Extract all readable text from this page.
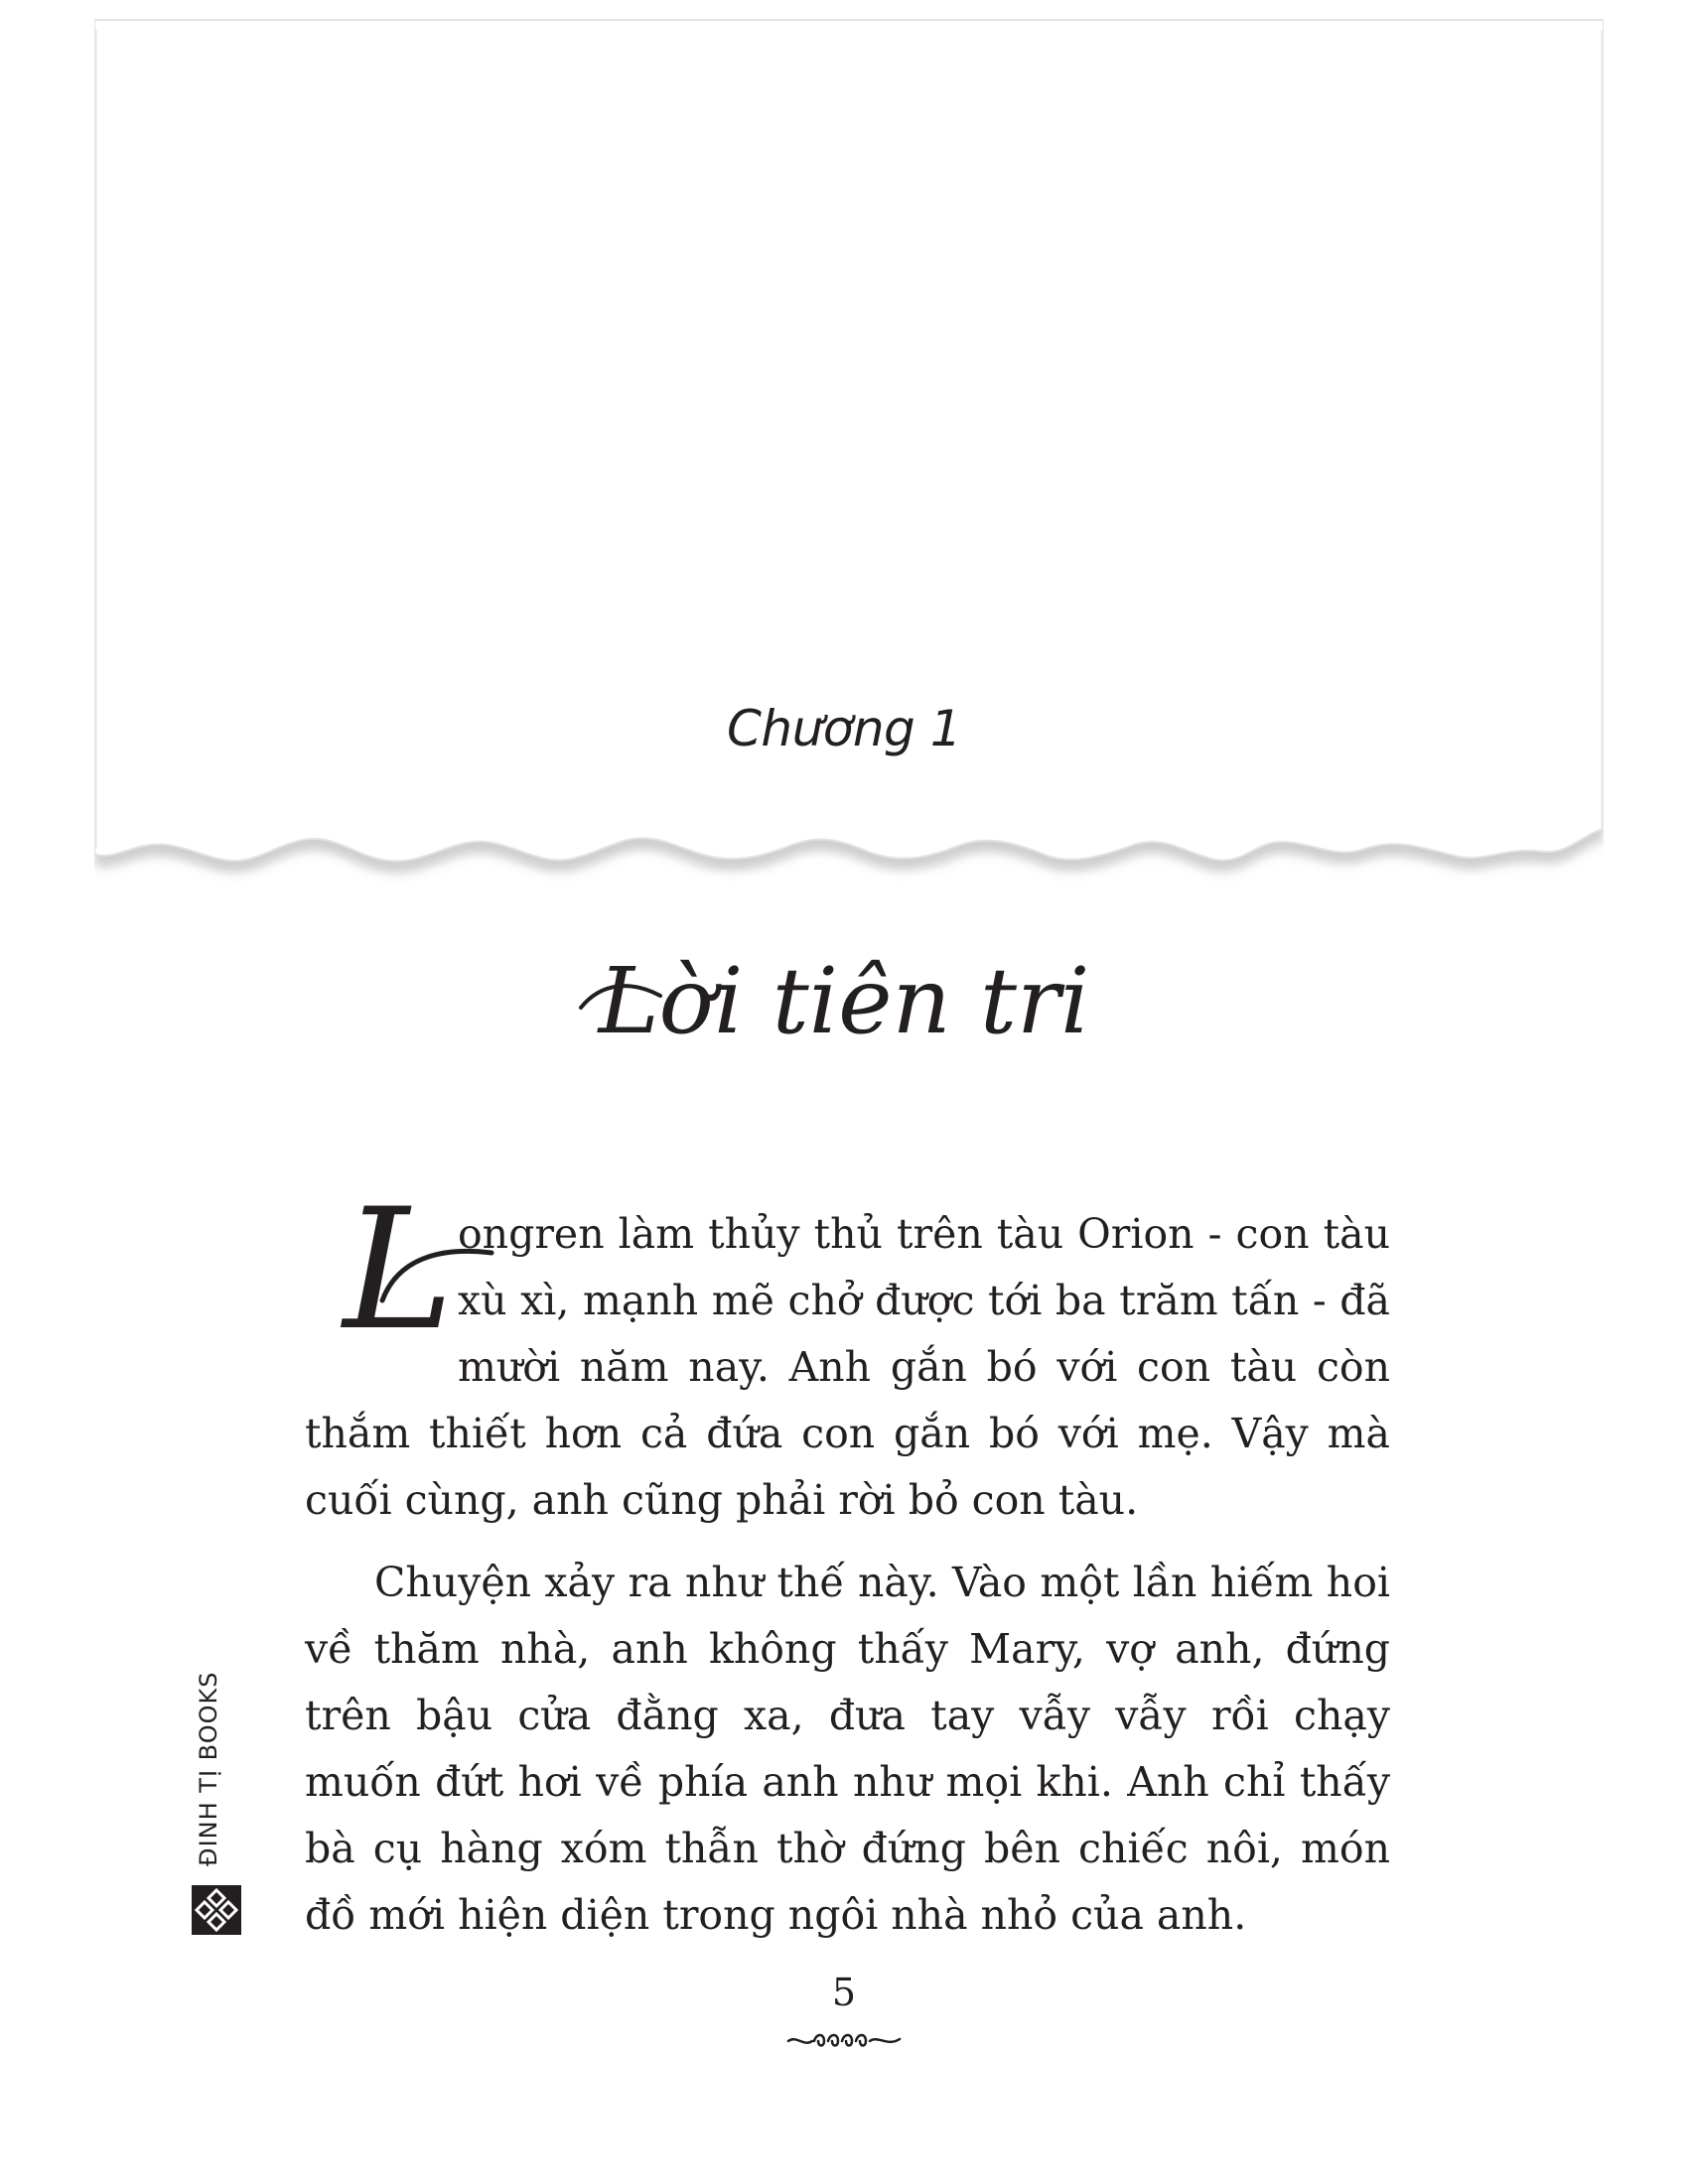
Chương 1
Lời tiên tri

Longren làm thủy thủ trên tàu Orion - con tàu xù xì, mạnh mẽ chở được tới ba trăm tấn - đã mười năm nay. Anh gắn bó với con tàu còn thắm thiết hơn cả đứa con gắn bó với mẹ. Vậy mà cuối cùng, anh cũng phải rời bỏ con tàu.

Chuyện xảy ra như thế này. Vào một lần hiếm hoi về thăm nhà, anh không thấy Mary, vợ anh, đứng trên bậu cửa đằng xa, đưa tay vẫy vẫy rồi chạy muốn đứt hơi về phía anh như mọi khi. Anh chỉ thấy bà cụ hàng xóm thẫn thờ đứng bên chiếc nôi, món đồ mới hiện diện trong ngôi nhà nhỏ của anh.

ĐINH TỊ BOOKS
5
